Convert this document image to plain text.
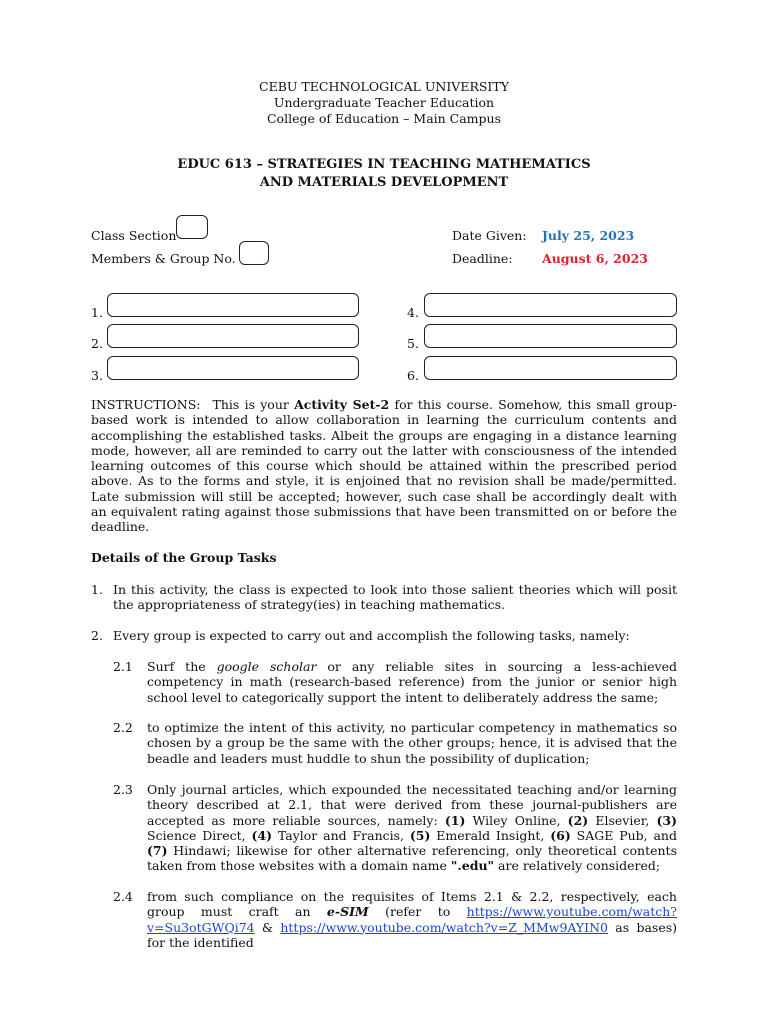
CEBU TECHNOLOGICAL UNIVERSITY
Undergraduate Teacher Education
College of Education – Main Campus
EDUC 613 – STRATEGIES IN TEACHING MATHEMATICS
AND MATERIALS DEVELOPMENT
Class Section
Members & Group No.
Date Given: July 25, 2023
Deadline: August 6, 2023
1.
2.
3.
4.
5.
6.
INSTRUCTIONS: This is your Activity Set-2 for this course. Somehow, this small group-based work is intended to allow collaboration in learning the curriculum contents and accomplishing the established tasks. Albeit the groups are engaging in a distance learning mode, however, all are reminded to carry out the latter with consciousness of the intended learning outcomes of this course which should be attained within the prescribed period above. As to the forms and style, it is enjoined that no revision shall be made/permitted. Late submission will still be accepted; however, such case shall be accordingly dealt with an equivalent rating against those submissions that have been transmitted on or before the deadline.
Details of the Group Tasks
1. In this activity, the class is expected to look into those salient theories which will posit the appropriateness of strategy(ies) in teaching mathematics.
2. Every group is expected to carry out and accomplish the following tasks, namely:
2.1 Surf the google scholar or any reliable sites in sourcing a less-achieved competency in math (research-based reference) from the junior or senior high school level to categorically support the intent to deliberately address the same;
2.2 to optimize the intent of this activity, no particular competency in mathematics so chosen by a group be the same with the other groups; hence, it is advised that the beadle and leaders must huddle to shun the possibility of duplication;
2.3 Only journal articles, which expounded the necessitated teaching and/or learning theory described at 2.1, that were derived from these journal-publishers are accepted as more reliable sources, namely: (1) Wiley Online, (2) Elsevier, (3) Science Direct, (4) Taylor and Francis, (5) Emerald Insight, (6) SAGE Pub, and (7) Hindawi; likewise for other alternative referencing, only theoretical contents taken from those websites with a domain name ".edu" are relatively considered;
2.4 from such compliance on the requisites of Items 2.1 & 2.2, respectively, each group must craft an e-SIM (refer to https://www.youtube.com/watch?v=Su3otGWQi74 & https://www.youtube.com/watch?v=Z_MMw9AYIN0 as bases) for the identified
